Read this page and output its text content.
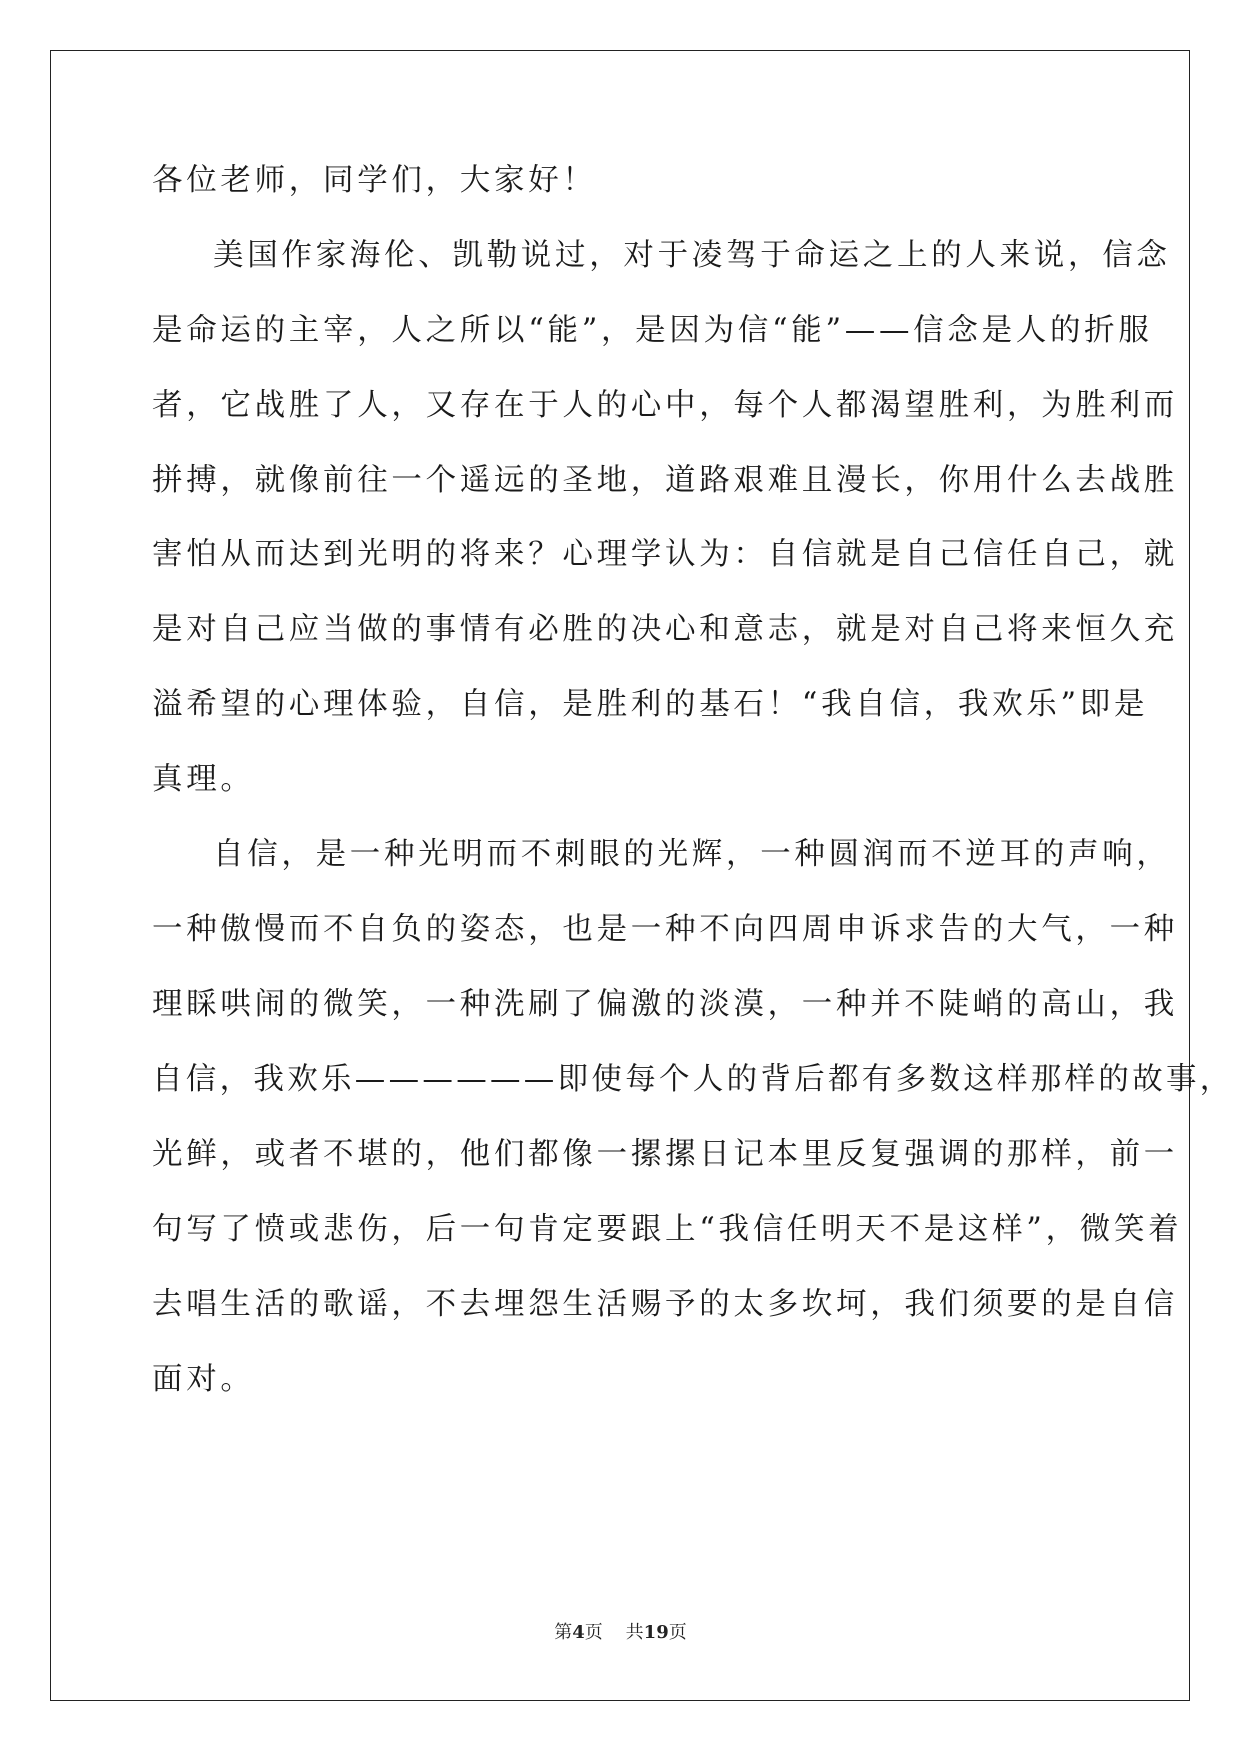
各位老师，同学们，大家好！
美国作家海伦、凯勒说过，对于凌驾于命运之上的人来说，信念
是命运的主宰，人之所以“能”，是因为信“能”——信念是人的折服
者，它战胜了人，又存在于人的心中，每个人都渴望胜利，为胜利而
拼搏，就像前往一个遥远的圣地，道路艰难且漫长，你用什么去战胜
害怕从而达到光明的将来？心理学认为：自信就是自己信任自己，就
是对自己应当做的事情有必胜的决心和意志，就是对自己将来恒久充
溢希望的心理体验，自信，是胜利的基石！“我自信，我欢乐”即是
真理。
自信，是一种光明而不刺眼的光辉，一种圆润而不逆耳的声响，
一种傲慢而不自负的姿态，也是一种不向四周申诉求告的大气，一种
理睬哄闹的微笑，一种洗刷了偏激的淡漠，一种并不陡峭的高山，我
自信，我欢乐——————即使每个人的背后都有多数这样那样的故事，
光鲜，或者不堪的，他们都像一摞摞日记本里反复强调的那样，前一
句写了愤或悲伤，后一句肯定要跟上“我信任明天不是这样”，微笑着
去唱生活的歌谣，不去埋怨生活赐予的太多坎坷，我们须要的是自信
面对。
第4页 共19页
